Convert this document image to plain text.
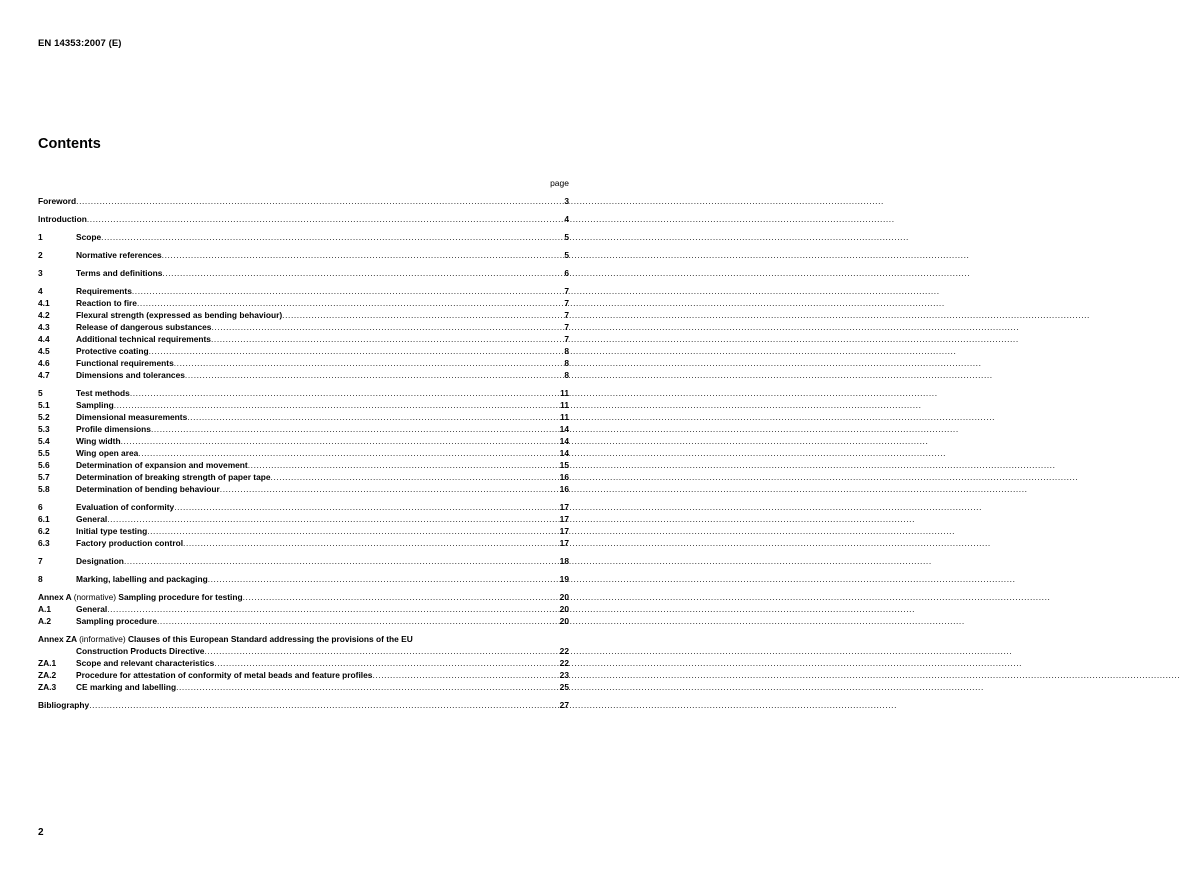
EN 14353:2007 (E)
Contents
page
Foreword .....	3
Introduction .....	4
1	Scope .....	5
2	Normative references .....	5
3	Terms and definitions .....	6
4	Requirements .....	7
4.1	Reaction to fire .....	7
4.2	Flexural strength (expressed as bending behaviour) .....	7
4.3	Release of dangerous substances .....	7
4.4	Additional technical requirements .....	7
4.5	Protective coating .....	8
4.6	Functional requirements .....	8
4.7	Dimensions and tolerances .....	8
5	Test methods .....	11
5.1	Sampling .....	11
5.2	Dimensional measurements .....	11
5.3	Profile dimensions .....	14
5.4	Wing width .....	14
5.5	Wing open area .....	14
5.6	Determination of expansion and movement .....	15
5.7	Determination of breaking strength of paper tape .....	16
5.8	Determination of bending behaviour .....	16
6	Evaluation of conformity .....	17
6.1	General .....	17
6.2	Initial type testing .....	17
6.3	Factory production control .....	17
7	Designation .....	18
8	Marking, labelling and packaging .....	19
Annex A (normative) Sampling procedure for testing .....	20
A.1	General .....	20
A.2	Sampling procedure .....	20
Annex ZA (informative) Clauses of this European Standard addressing the provisions of the EU
Construction Products Directive .....	22
ZA.1	Scope and relevant characteristics .....	22
ZA.2	Procedure for attestation of conformity of metal beads and feature profiles .....	23
ZA.3	CE marking and labelling .....	25
Bibliography .....	27
2
